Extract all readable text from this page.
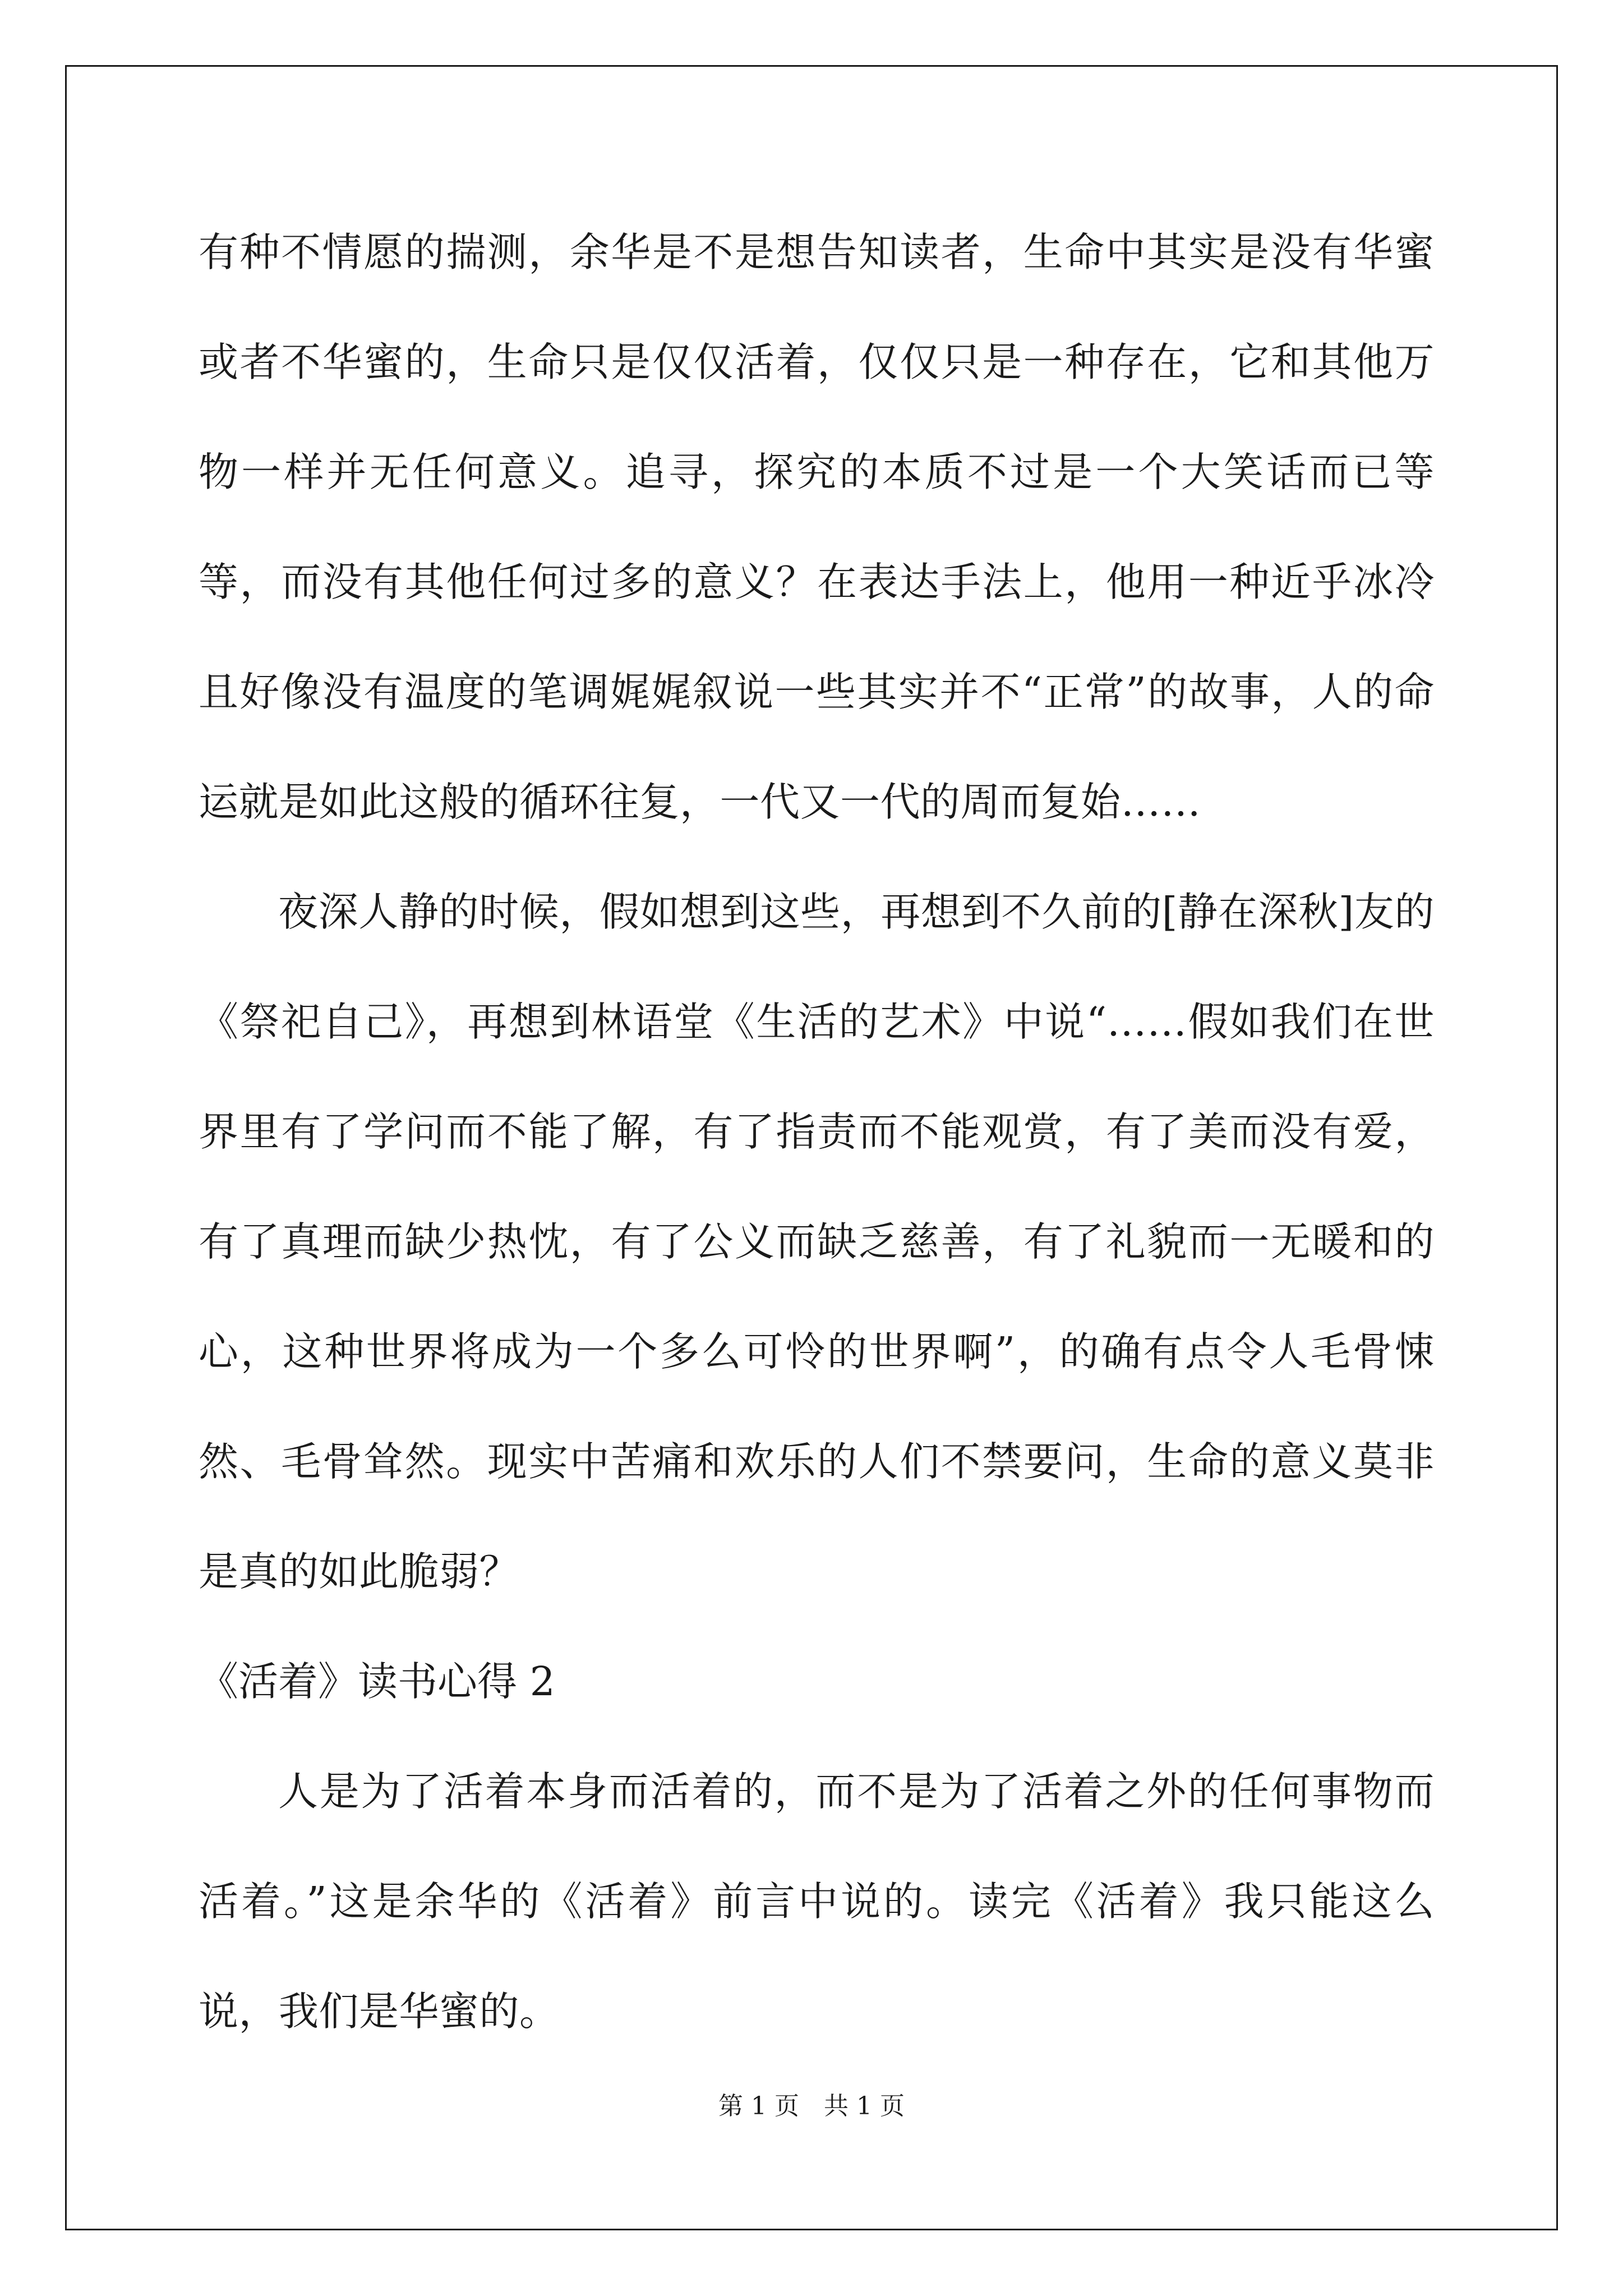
有种不情愿的揣测，余华是不是想告知读者，生命中其实是没有华蜜或者不华蜜的，生命只是仅仅活着，仅仅只是一种存在，它和其他万物一样并无任何意义。追寻，探究的本质不过是一个大笑话而已等等，而没有其他任何过多的意义？在表达手法上，他用一种近乎冰冷且好像没有温度的笔调娓娓叙说一些其实并不“正常”的故事，人的命运就是如此这般的循环往复，一代又一代的周而复始……

夜深人静的时候，假如想到这些，再想到不久前的[静在深秋]友的《祭祀自己》，再想到林语堂《生活的艺术》中说“……假如我们在世界里有了学问而不能了解，有了指责而不能观赏，有了美而没有爱，有了真理而缺少热忱，有了公义而缺乏慈善，有了礼貌而一无暖和的心，这种世界将成为一个多么可怜的世界啊”，的确有点令人毛骨悚然、毛骨耸然。现实中苦痛和欢乐的人们不禁要问，生命的意义莫非是真的如此脆弱？

《活着》读书心得 2

人是为了活着本身而活着的，而不是为了活着之外的任何事物而活着。”这是余华的《活着》前言中说的。读完《活着》我只能这么说，我们是华蜜的。

第 1 页 共 1 页
